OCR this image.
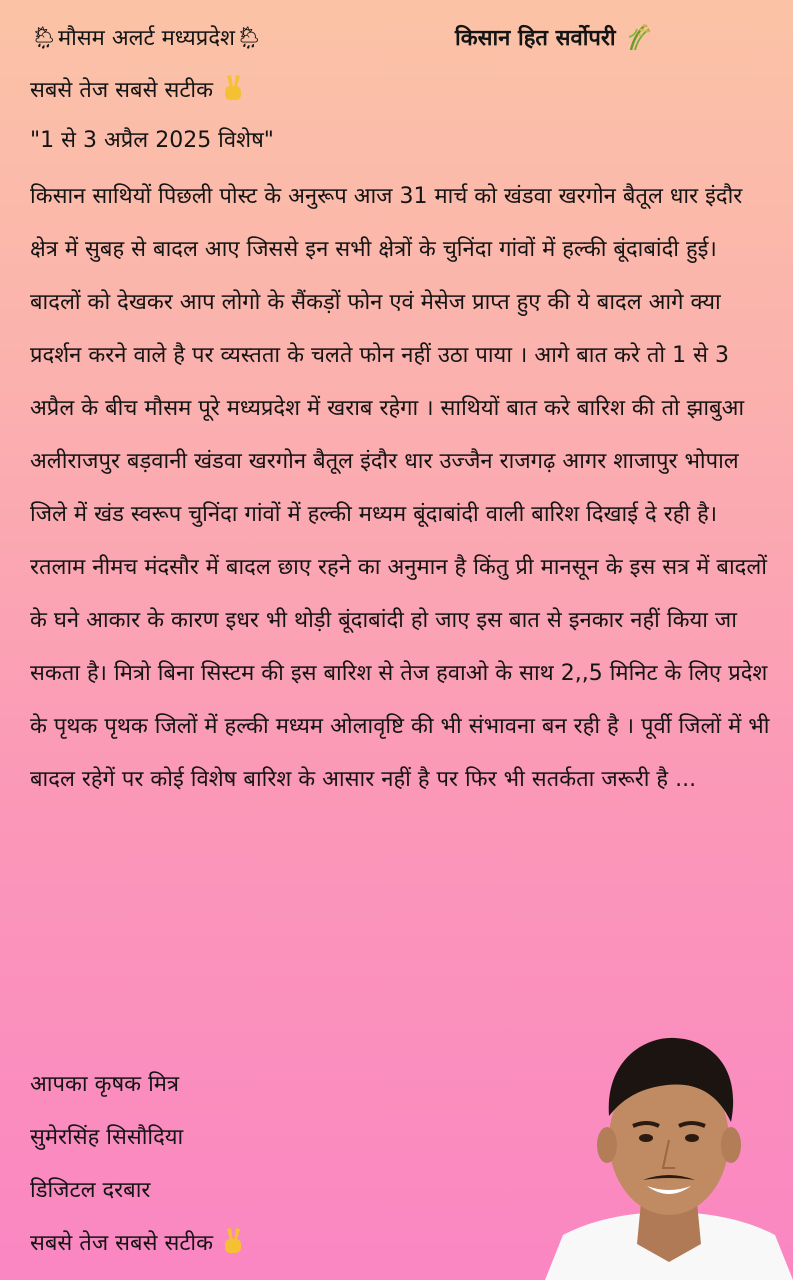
🌦मौसम अलर्ट मध्यप्रदेश🌦	किसान हित सर्वोपरी
सबसे तेज सबसे सटीक
"1 से 3 अप्रैल 2025 विशेष"

किसान साथियों पिछली पोस्ट के अनुरूप आज 31 मार्च को खंडवा खरगोन बैतूल धार इंदौर क्षेत्र में सुबह से बादल आए जिससे इन सभी क्षेत्रों के चुनिंदा गांवों में हल्की बूंदाबांदी हुई। बादलों को देखकर आप लोगो के सैंकड़ों फोन एवं मेसेज प्राप्त हुए की ये बादल आगे क्या प्रदर्शन करने वाले है पर व्यस्तता के चलते फोन नहीं उठा पाया । आगे बात करे तो 1 से 3 अप्रैल के बीच मौसम पूरे मध्यप्रदेश में खराब रहेगा । साथियों बात करे बारिश की तो झाबुआ अलीराजपुर बड़वानी खंडवा खरगोन बैतूल इंदौर धार उज्जैन राजगढ़ आगर शाजापुर भोपाल जिले में खंड स्वरूप चुनिंदा गांवों में हल्की मध्यम बूंदाबांदी वाली बारिश दिखाई दे रही है। रतलाम नीमच मंदसौर में बादल छाए रहने का अनुमान है किंतु प्री मानसून के इस सत्र में बादलों के घने आकार के कारण इधर भी थोड़ी बूंदाबांदी हो जाए इस बात से इनकार नहीं किया जा सकता है। मित्रो बिना सिस्टम की इस बारिश से तेज हवाओ के साथ 2,,5 मिनिट के लिए प्रदेश के पृथक पृथक जिलों में हल्की मध्यम ओलावृष्टि की भी संभावना बन रही है । पूर्वी जिलों में भी बादल रहेगें पर कोई विशेष बारिश के आसार नहीं है पर फिर भी सतर्कता जरूरी है ...

आपका कृषक मित्र
सुमेरसिंह सिसौदिया
डिजिटल दरबार
सबसे तेज सबसे सटीक
